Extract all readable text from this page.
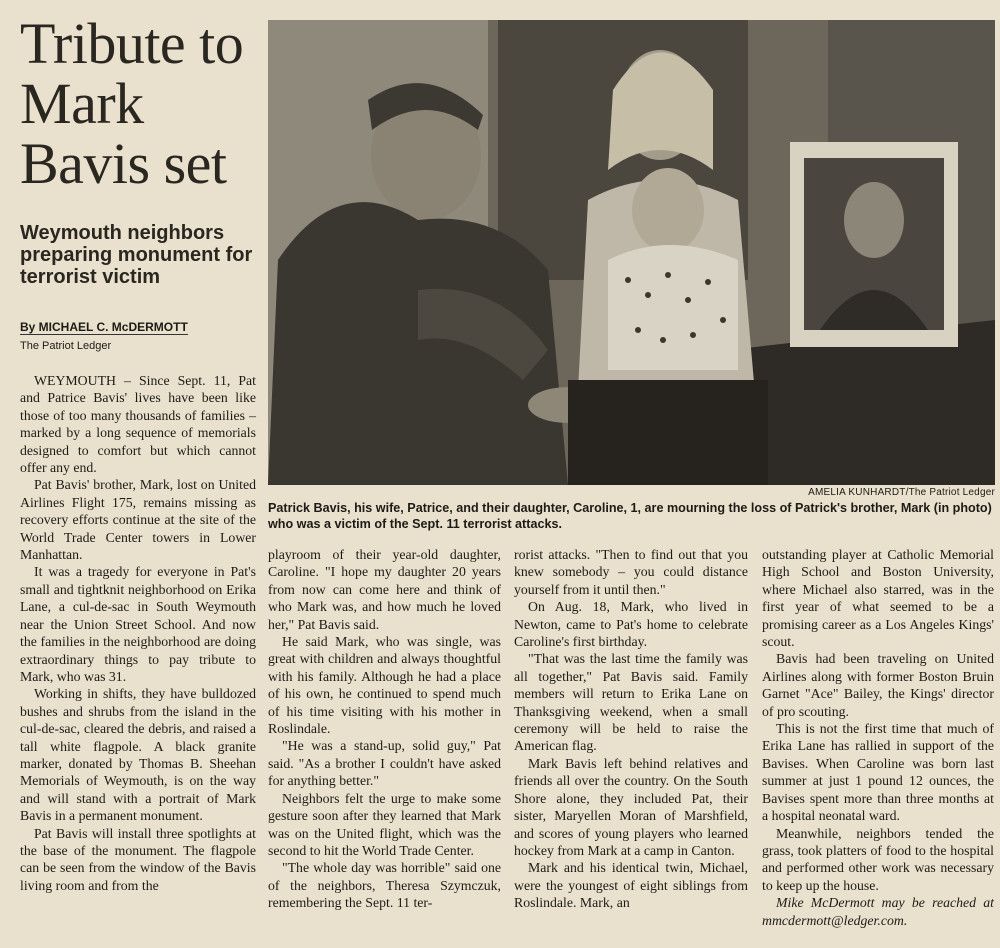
Tribute to Mark Bavis set
Weymouth neighbors preparing monument for terrorist victim
By MICHAEL C. McDERMOTT
The Patriot Ledger
AMELIA KUNHARDT/The Patriot Ledger
Patrick Bavis, his wife, Patrice, and their daughter, Caroline, 1, are mourning the loss of Patrick's brother, Mark (in photo) who was a victim of the Sept. 11 terrorist attacks.

WEYMOUTH – Since Sept. 11, Pat and Patrice Bavis' lives have been like those of too many thousands of families – marked by a long sequence of memorials designed to comfort but which cannot offer any end.

Pat Bavis' brother, Mark, lost on United Airlines Flight 175, remains missing as recovery efforts continue at the site of the World Trade Center towers in Lower Manhattan.

It was a tragedy for everyone in Pat's small and tightknit neighborhood on Erika Lane, a cul-de-sac in South Weymouth near the Union Street School. And now the families in the neighborhood are doing extraordinary things to pay tribute to Mark, who was 31.

Working in shifts, they have bulldozed bushes and shrubs from the island in the cul-de-sac, cleared the debris, and raised a tall white flagpole. A black granite marker, donated by Thomas B. Sheehan Memorials of Weymouth, is on the way and will stand with a portrait of Mark Bavis in a permanent monument.

Pat Bavis will install three spotlights at the base of the monument. The flagpole can be seen from the window of the Bavis living room and from the

playroom of their year-old daughter, Caroline. "I hope my daughter 20 years from now can come here and think of who Mark was, and how much he loved her," Pat Bavis said.

He said Mark, who was single, was great with children and always thoughtful with his family. Although he had a place of his own, he continued to spend much of his time visiting with his mother in Roslindale.

"He was a stand-up, solid guy," Pat said. "As a brother I couldn't have asked for anything better."

Neighbors felt the urge to make some gesture soon after they learned that Mark was on the United flight, which was the second to hit the World Trade Center.

"The whole day was horrible" said one of the neighbors, Theresa Szymczuk, remembering the Sept. 11 ter-

rorist attacks. "Then to find out that you knew somebody – you could distance yourself from it until then."

On Aug. 18, Mark, who lived in Newton, came to Pat's home to celebrate Caroline's first birthday.

"That was the last time the family was all together," Pat Bavis said. Family members will return to Erika Lane on Thanksgiving weekend, when a small ceremony will be held to raise the American flag.

Mark Bavis left behind relatives and friends all over the country. On the South Shore alone, they included Pat, their sister, Maryellen Moran of Marshfield, and scores of young players who learned hockey from Mark at a camp in Canton.

Mark and his identical twin, Michael, were the youngest of eight siblings from Roslindale. Mark, an

outstanding player at Catholic Memorial High School and Boston University, where Michael also starred, was in the first year of what seemed to be a promising career as a Los Angeles Kings' scout.

Bavis had been traveling on United Airlines along with former Boston Bruin Garnet "Ace" Bailey, the Kings' director of pro scouting.

This is not the first time that much of Erika Lane has rallied in support of the Bavises. When Caroline was born last summer at just 1 pound 12 ounces, the Bavises spent more than three months at a hospital neonatal ward.

Meanwhile, neighbors tended the grass, took platters of food to the hospital and performed other work was necessary to keep up the house.

Mike McDermott may be reached at mmcdermott@ledger.com.
